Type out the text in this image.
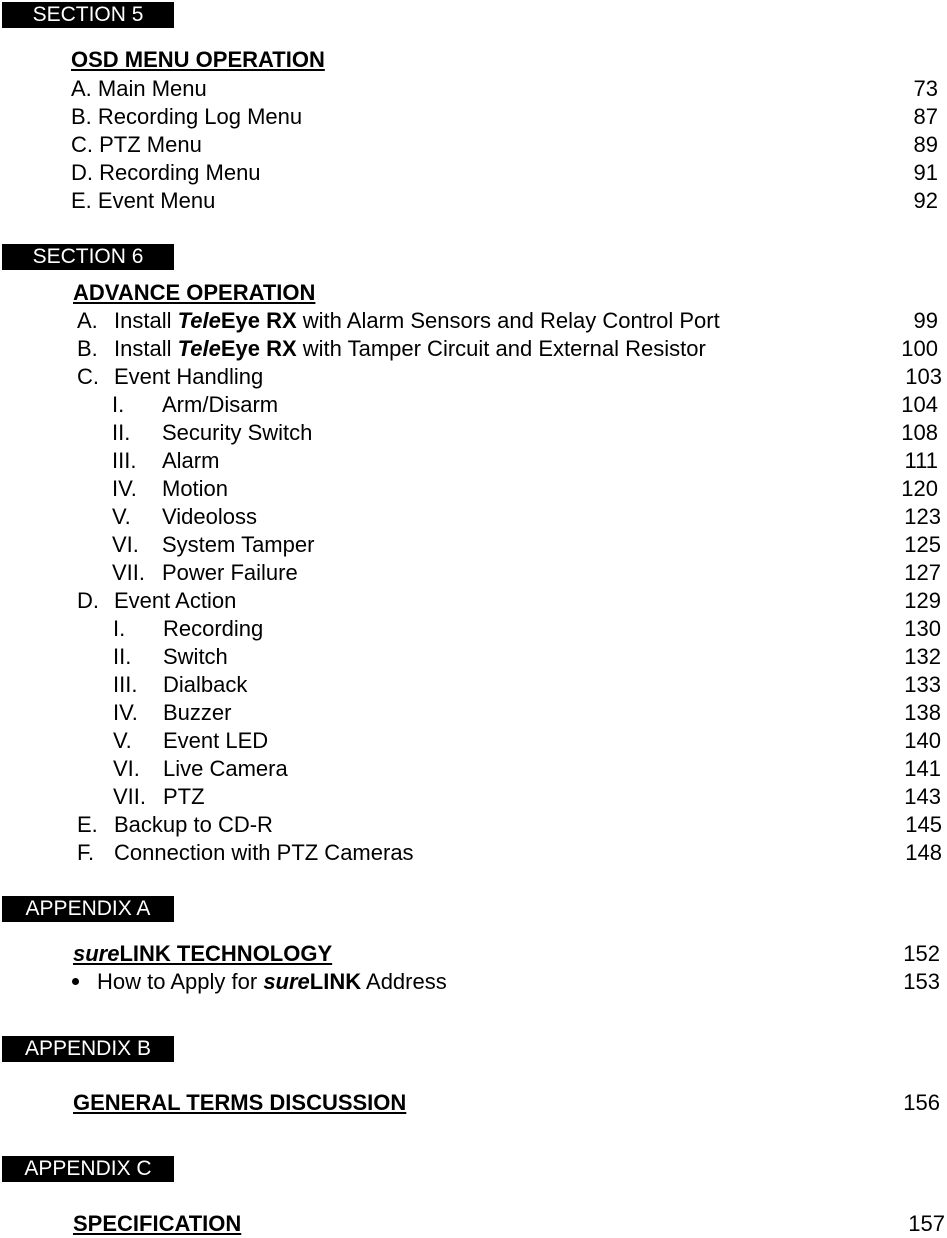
SECTION 5
OSD MENU OPERATION
A. Main Menu	73
B. Recording Log Menu	87
C. PTZ Menu	89
D. Recording Menu	91
E. Event Menu	92
SECTION 6
ADVANCE OPERATION
A. Install TeleEye RX with Alarm Sensors and Relay Control Port	99
B. Install TeleEye RX with Tamper Circuit and External Resistor	100
C. Event Handling	103
I. Arm/Disarm	104
II. Security Switch	108
III. Alarm	111
IV. Motion	120
V. Videoloss	123
VI. System Tamper	125
VII. Power Failure	127
D. Event Action	129
I. Recording	130
II. Switch	132
III. Dialback	133
IV. Buzzer	138
V. Event LED	140
VI. Live Camera	141
VII. PTZ	143
E. Backup to CD-R	145
F. Connection with PTZ Cameras	148
APPENDIX A
sureLINK TECHNOLOGY	152
How to Apply for sureLINK Address	153
APPENDIX B
GENERAL TERMS DISCUSSION	156
APPENDIX C
SPECIFICATION	157
